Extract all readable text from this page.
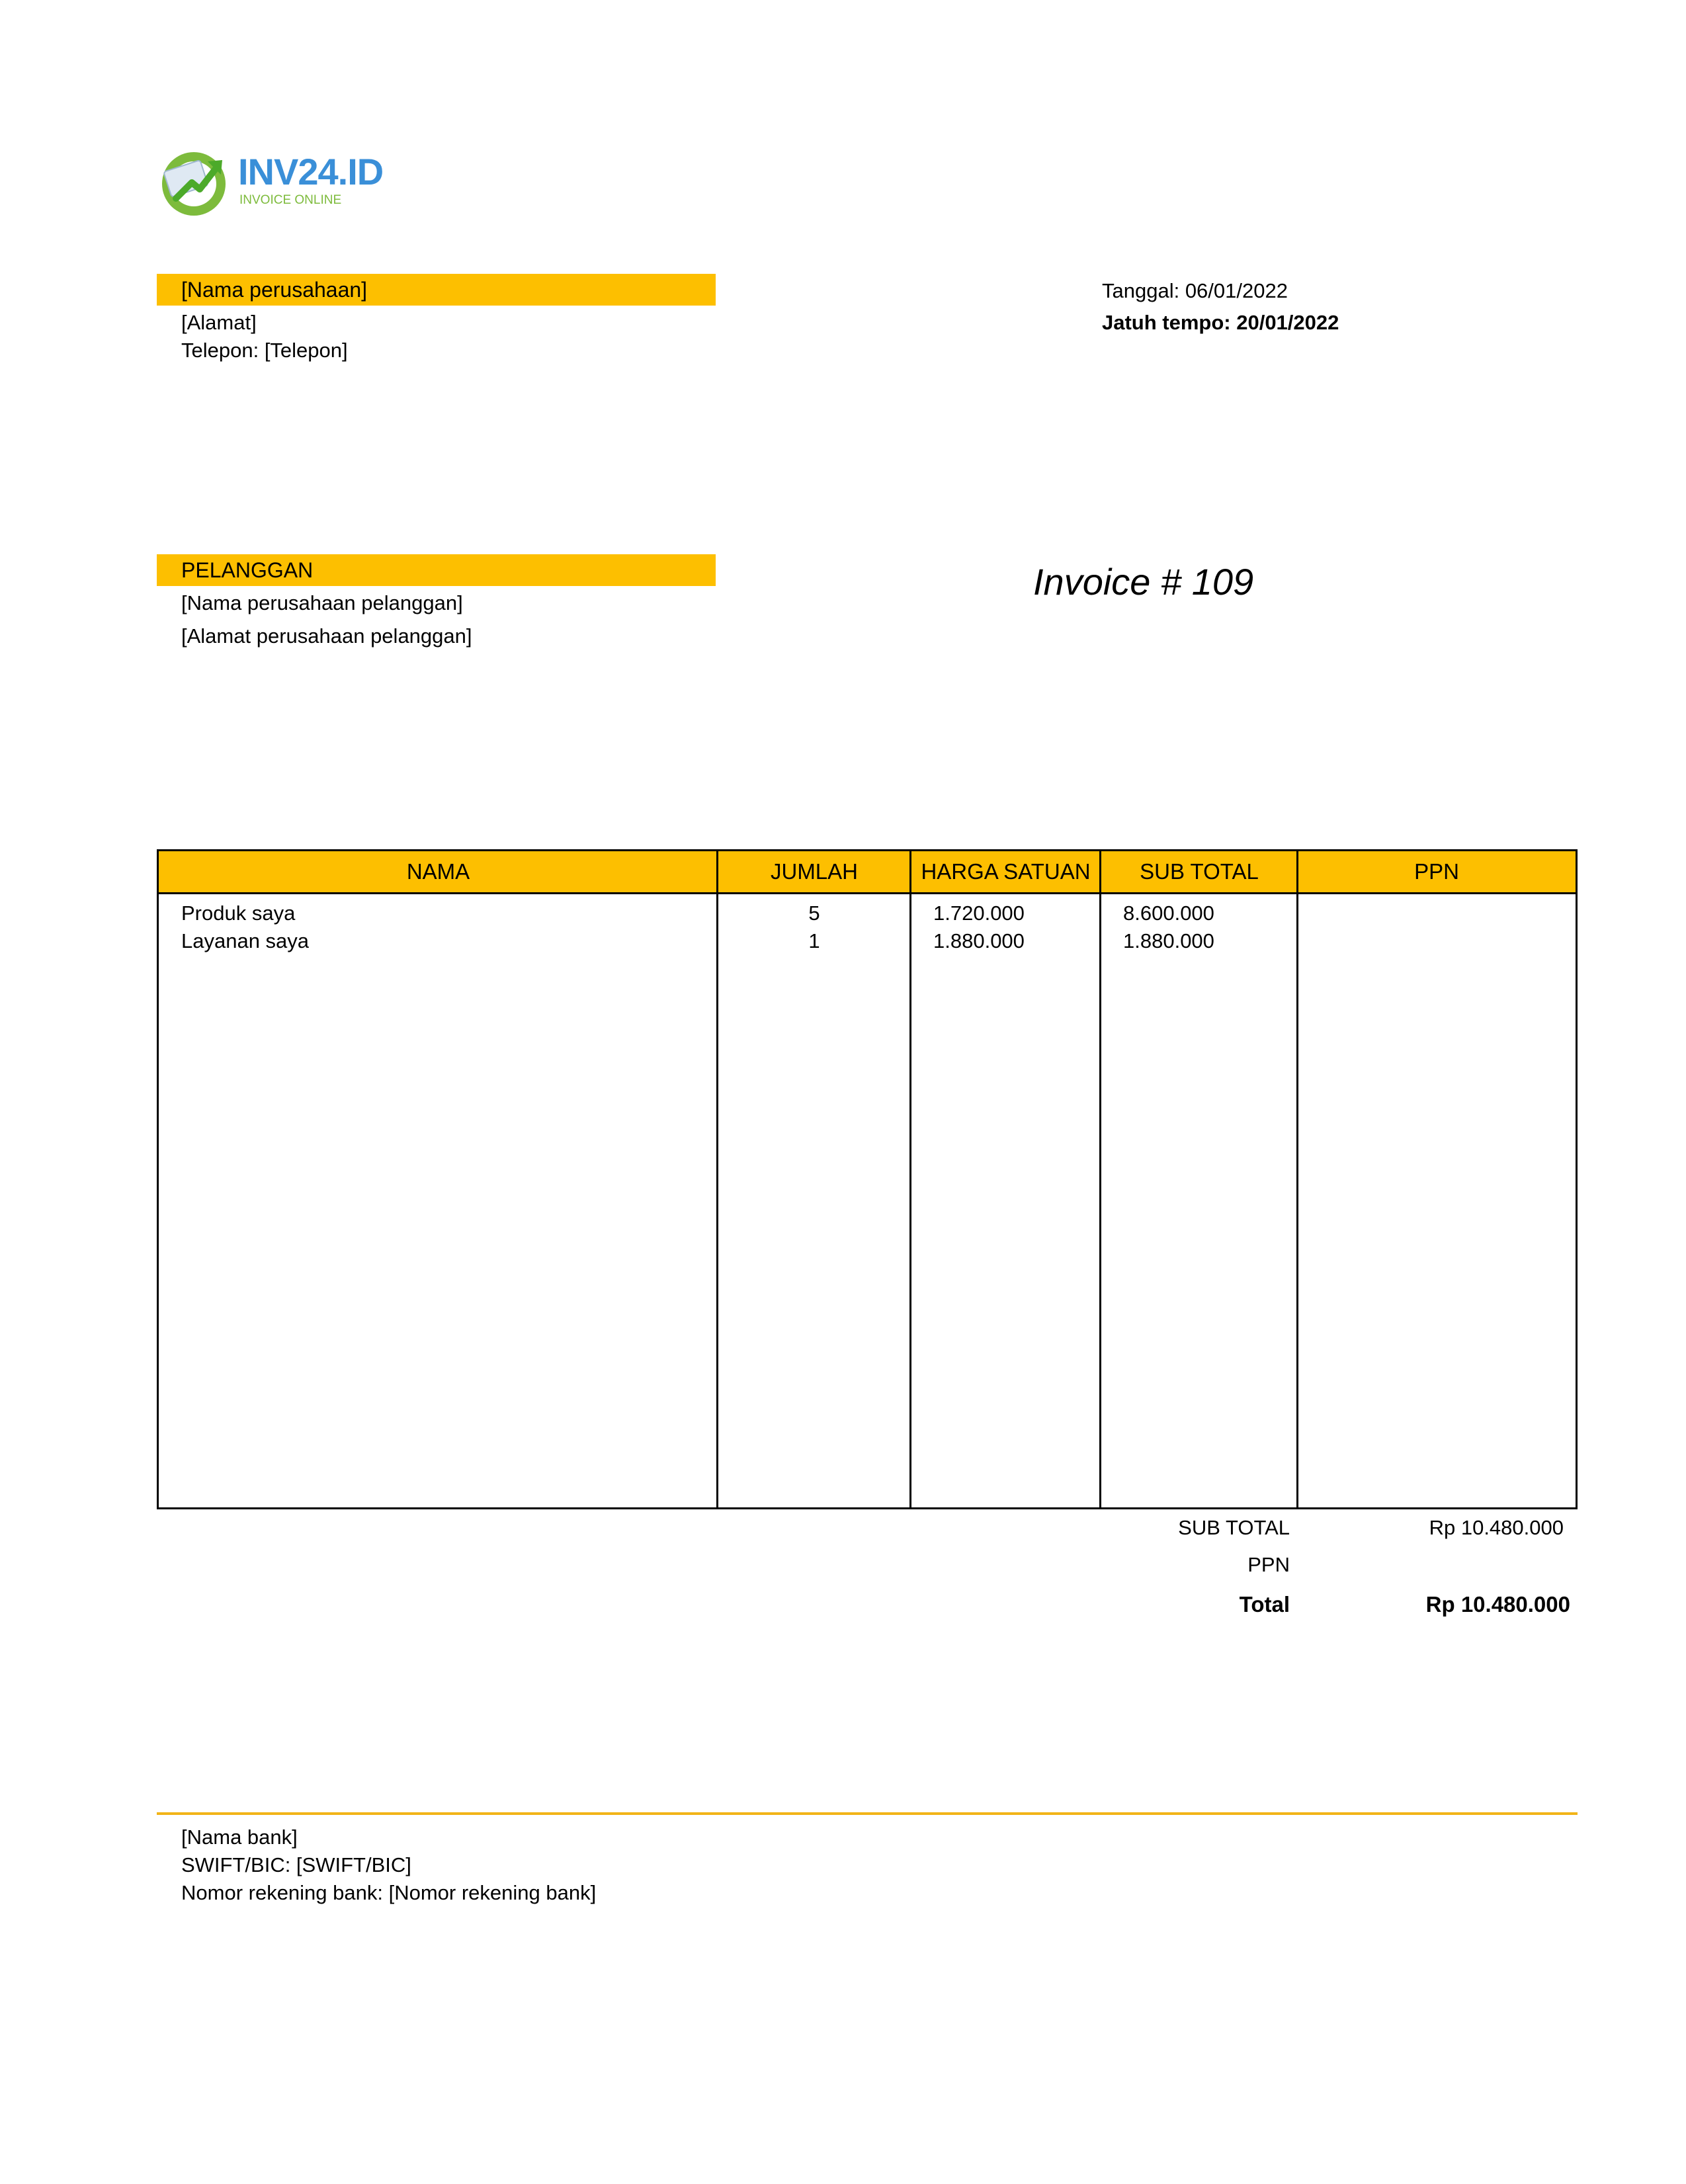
INV24.ID
INVOICE ONLINE
[Nama perusahaan]
[Alamat]
Telepon: [Telepon]
Tanggal: 06/01/2022
Jatuh tempo: 20/01/2022
PELANGGAN
[Nama perusahaan pelanggan]
[Alamat perusahaan pelanggan]
Invoice # 109
NAMA	JUMLAH	HARGA SATUAN	SUB TOTAL	PPN
Produk saya	5	1.720.000	8.600.000
Layanan saya	1	1.880.000	1.880.000
SUB TOTAL	Rp 10.480.000
PPN
Total	Rp 10.480.000
[Nama bank]
SWIFT/BIC: [SWIFT/BIC]
Nomor rekening bank: [Nomor rekening bank]
